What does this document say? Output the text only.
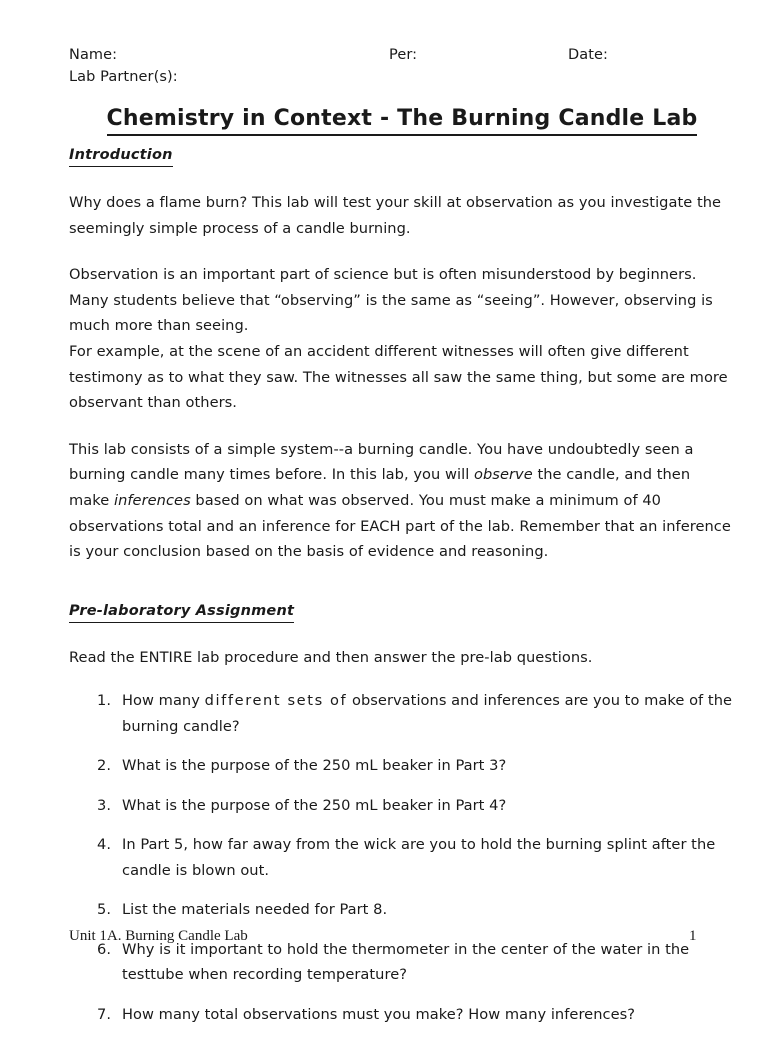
Name:	Per:	Date:
Lab Partner(s):
Chemistry in Context - The Burning Candle Lab
Introduction

Why does a flame burn? This lab will test your skill at observation as you investigate the seemingly simple process of a candle burning.

Observation is an important part of science but is often misunderstood by beginners. Many students believe that “observing” is the same as “seeing”. However, observing is much more than seeing.
For example, at the scene of an accident different witnesses will often give different testimony as to what they saw. The witnesses all saw the same thing, but some are more observant than others.

This lab consists of a simple system--a burning candle. You have undoubtedly seen a burning candle many times before. In this lab, you will observe the candle, and then make inferences based on what was observed. You must make a minimum of 40 observations total and an inference for EACH part of the lab. Remember that an inference is your conclusion based on the basis of evidence and reasoning.

Pre-laboratory Assignment

Read the ENTIRE lab procedure and then answer the pre-lab questions.

1. How many different sets of observations and inferences are you to make of the burning candle?
2. What is the purpose of the 250 mL beaker in Part 3?
3. What is the purpose of the 250 mL beaker in Part 4?
4. In Part 5, how far away from the wick are you to hold the burning splint after the candle is blown out.
5. List the materials needed for Part 8.
6. Why is it important to hold the thermometer in the center of the water in the testtube when recording temperature?
7. How many total observations must you make? How many inferences?
Unit 1A. Burning Candle Lab	1
